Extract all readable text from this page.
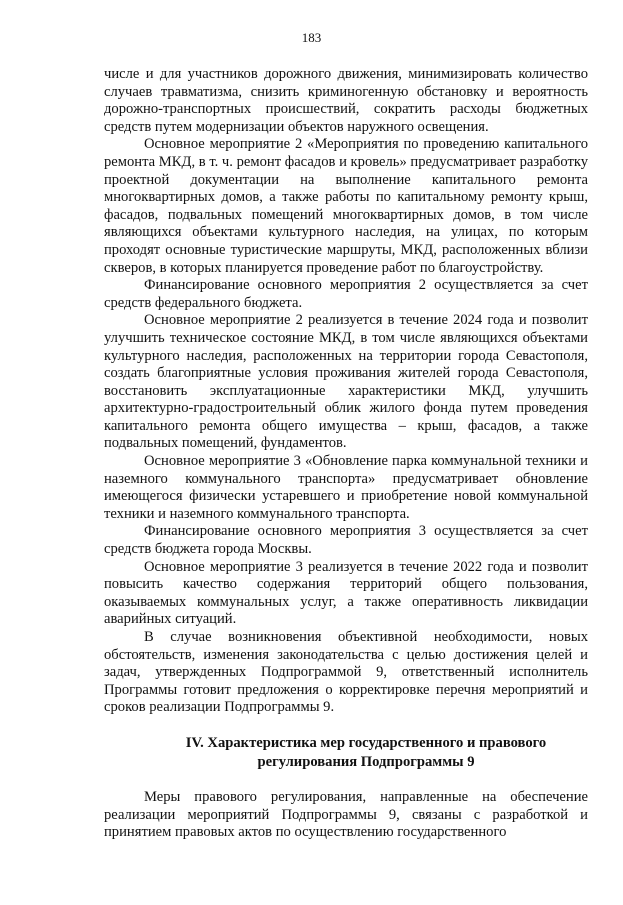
183

числе и для участников дорожного движения, минимизировать количество случаев травматизма, снизить криминогенную обстановку и вероятность дорожно-транспортных происшествий, сократить расходы бюджетных средств путем модернизации объектов наружного освещения.

Основное мероприятие 2 «Мероприятия по проведению капитального ремонта МКД, в т. ч. ремонт фасадов и кровель» предусматривает разработку проектной документации на выполнение капитального ремонта многоквартирных домов, а также работы по капитальному ремонту крыш, фасадов, подвальных помещений многоквартирных домов, в том числе являющихся объектами культурного наследия, на улицах, по которым проходят основные туристические маршруты, МКД, расположенных вблизи скверов, в которых планируется проведение работ по благоустройству.

Финансирование основного мероприятия 2 осуществляется за счет средств федерального бюджета.

Основное мероприятие 2 реализуется в течение 2024 года и позволит улучшить техническое состояние МКД, в том числе являющихся объектами культурного наследия, расположенных на территории города Севастополя, создать благоприятные условия проживания жителей города Севастополя, восстановить эксплуатационные характеристики МКД, улучшить архитектурно-градостроительный облик жилого фонда путем проведения капитального ремонта общего имущества – крыш, фасадов, а также подвальных помещений, фундаментов.

Основное мероприятие 3 «Обновление парка коммунальной техники и наземного коммунального транспорта» предусматривает обновление имеющегося физически устаревшего и приобретение новой коммунальной техники и наземного коммунального транспорта.

Финансирование основного мероприятия 3 осуществляется за счет средств бюджета города Москвы.

Основное мероприятие 3 реализуется в течение 2022 года и позволит повысить качество содержания территорий общего пользования, оказываемых коммунальных услуг, а также оперативность ликвидации аварийных ситуаций.

В случае возникновения объективной необходимости, новых обстоятельств, изменения законодательства с целью достижения целей и задач, утвержденных Подпрограммой 9, ответственный исполнитель Программы готовит предложения о корректировке перечня мероприятий и сроков реализации Подпрограммы 9.

IV. Характеристика мер государственного и правового
регулирования Подпрограммы 9

Меры правового регулирования, направленные на обеспечение реализации мероприятий Подпрограммы 9, связаны с разработкой и принятием правовых актов по осуществлению государственного
